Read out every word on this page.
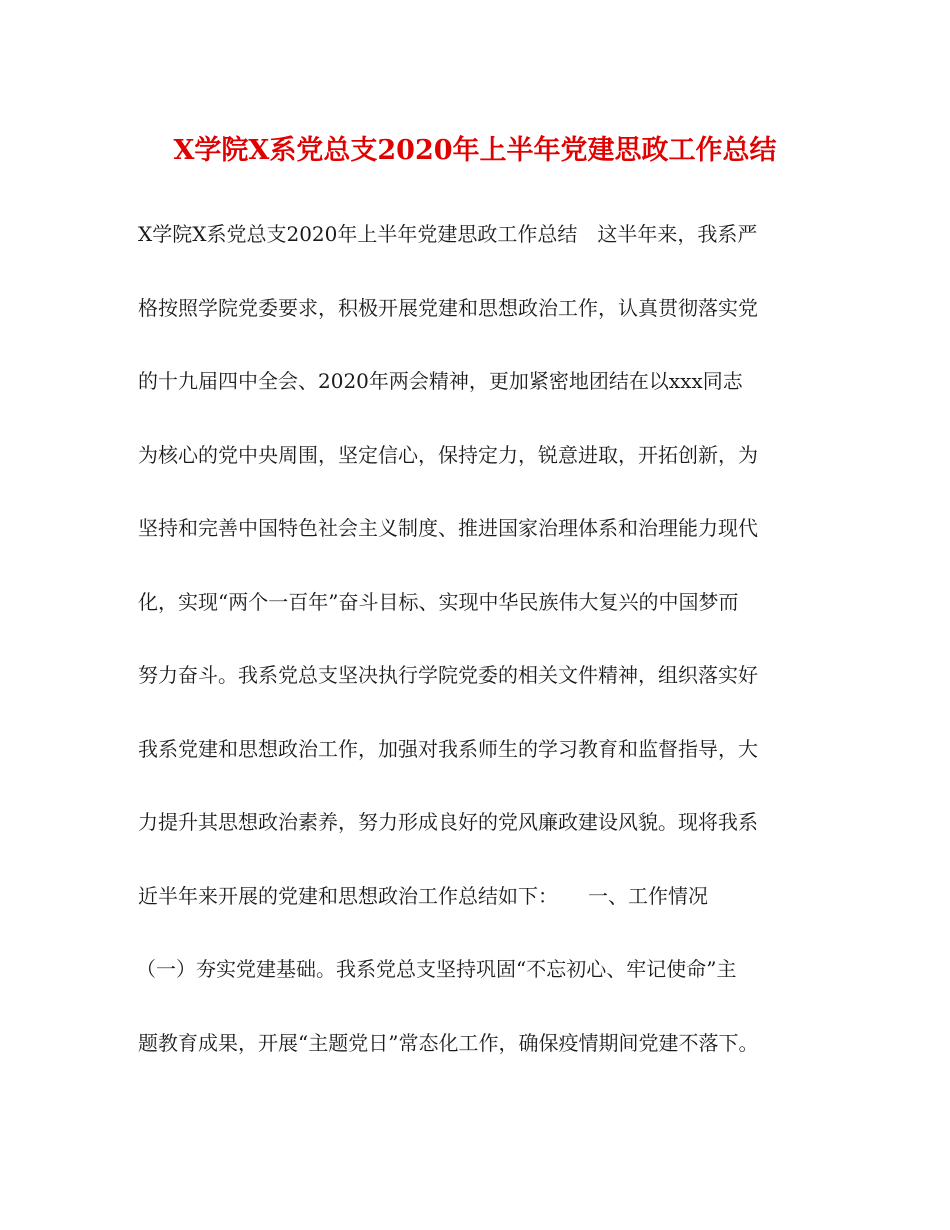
X学院X系党总支2020年上半年党建思政工作总结
X学院X系党总支2020年上半年党建思政工作总结　这半年来，我系严
格按照学院党委要求，积极开展党建和思想政治工作，认真贯彻落实党
的十九届四中全会、2020年两会精神，更加紧密地团结在以xxx同志
为核心的党中央周围，坚定信心，保持定力，锐意进取，开拓创新，为
坚持和完善中国特色社会主义制度、推进国家治理体系和治理能力现代
化，实现“两个一百年”奋斗目标、实现中华民族伟大复兴的中国梦而
努力奋斗。我系党总支坚决执行学院党委的相关文件精神，组织落实好
我系党建和思想政治工作，加强对我系师生的学习教育和监督指导，大
力提升其思想政治素养，努力形成良好的党风廉政建设风貌。现将我系
近半年来开展的党建和思想政治工作总结如下：　　一、工作情况
（一）夯实党建基础。我系党总支坚持巩固“不忘初心、牢记使命”主
题教育成果，开展“主题党日”常态化工作，确保疫情期间党建不落下。
